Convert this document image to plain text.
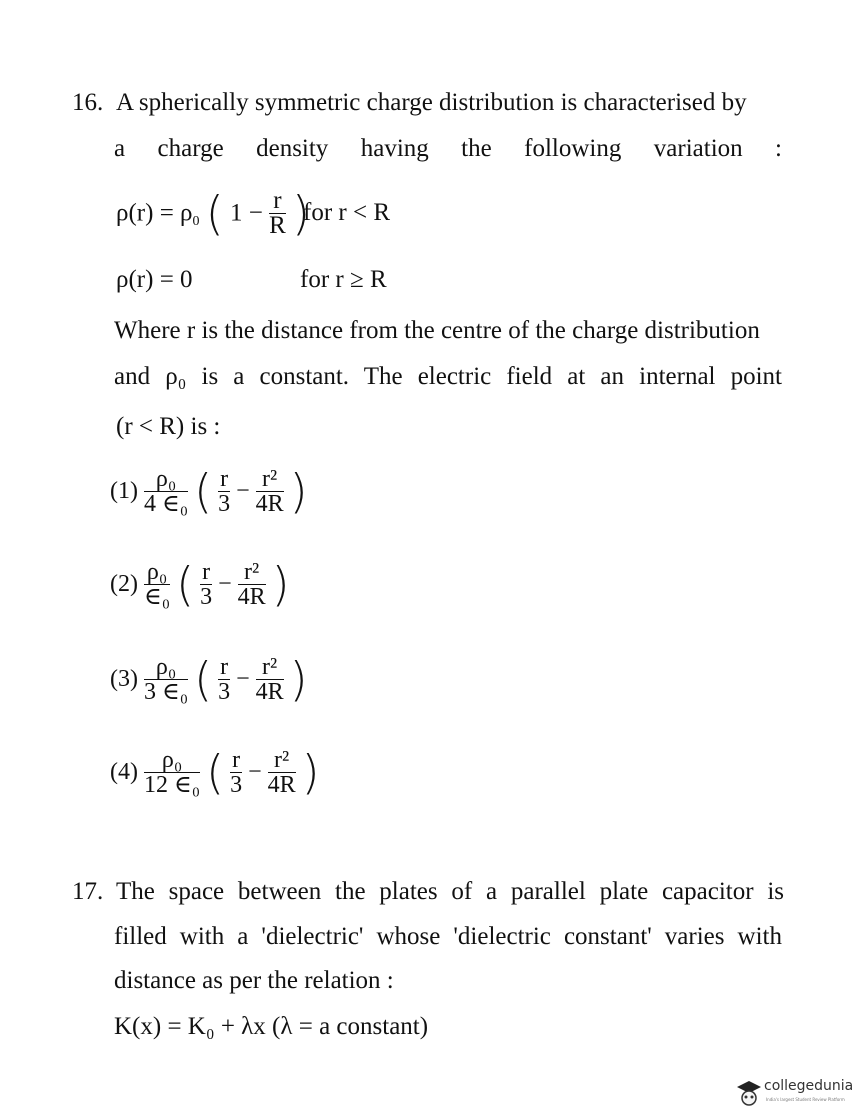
16. A spherically symmetric charge distribution is characterised by
a charge density having the following variation :
$\rho(r) = \rho_0$ ( $1 - \frac{r}{R}$ )
for r < R
ρ(r) = 0	for r ≥ R
Where r is the distance from the centre of the charge distribution
and ρ₀ is a constant. The electric field at an internal point
(r < R) is :
$(1) \frac{\text{ρ₀}}{\text{4 ∈₀}}$ ( $\frac{r}{3} - \frac{\text{r²}}{4R}$ )
$(2) \frac{\text{ρ₀}}{\text{∈₀}}$ ( $\frac{r}{3} - \frac{\text{r²}}{4R}$ )
$(3) \frac{\text{ρ₀}}{\text{3 ∈₀}}$ ( $\frac{r}{3} - \frac{\text{r²}}{4R}$ )
$(4) \frac{\text{ρ₀}}{\text{12 ∈₀}}$ ( $\frac{r}{3} - \frac{\text{r²}}{4R}$ )
17. The space between the plates of a parallel plate capacitor is
filled with a 'dielectric' whose 'dielectric constant' varies with
distance as per the relation :
K(x) = K₀ + λx (λ = a constant)
collegedunia
India's largest Student Review Platform
